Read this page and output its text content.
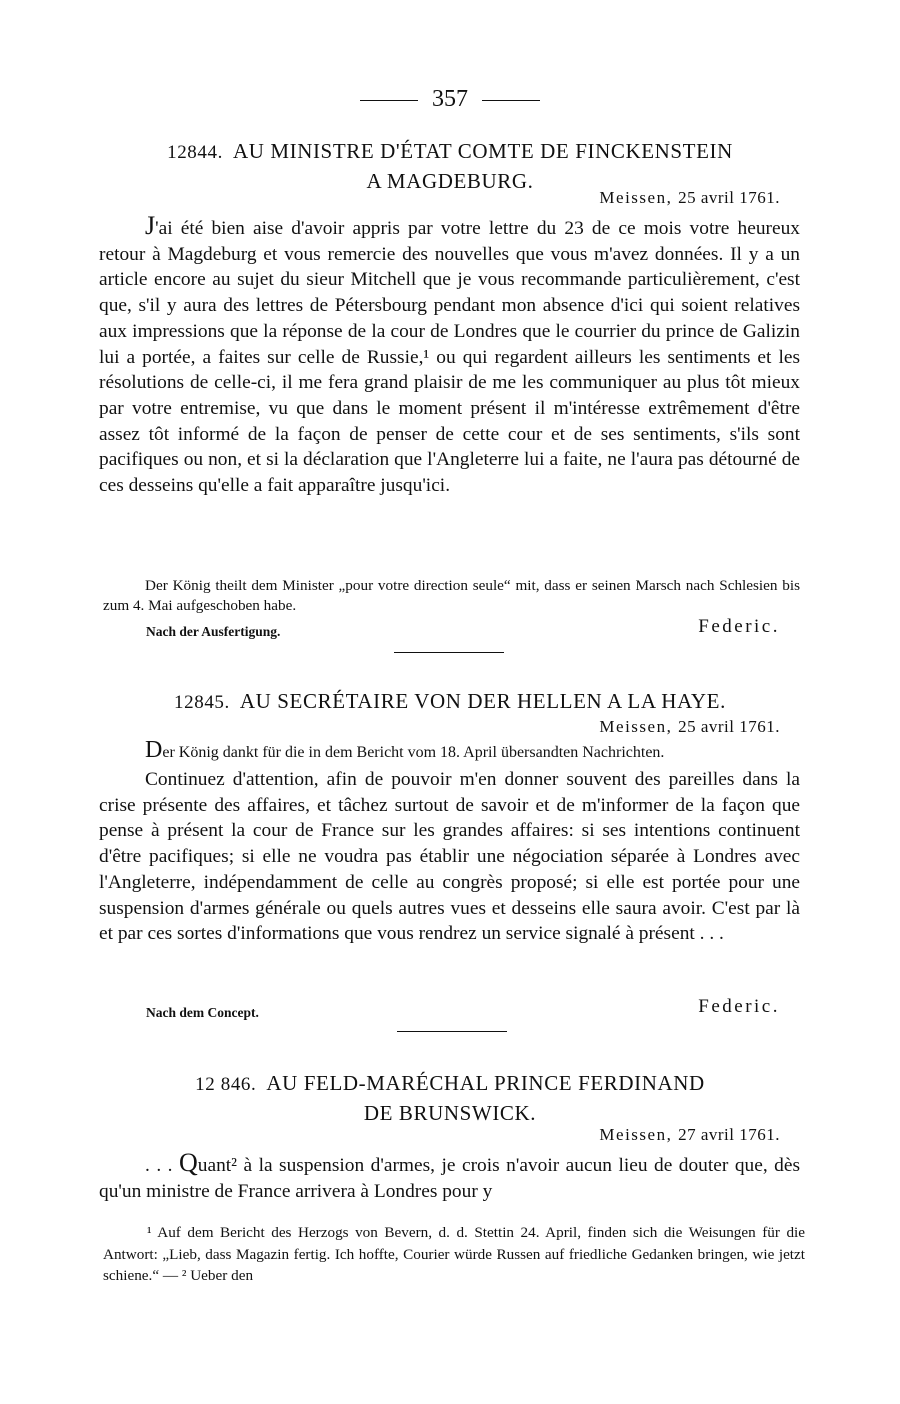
357
12844. AU MINISTRE D'ÉTAT COMTE DE FINCKENSTEIN
A MAGDEBURG.
Meissen, 25 avril 1761.

J'ai été bien aise d'avoir appris par votre lettre du 23 de ce mois votre heureux retour à Magdeburg et vous remercie des nouvelles que vous m'avez données. Il y a un article encore au sujet du sieur Mitchell que je vous recommande particulièrement, c'est que, s'il y aura des lettres de Pétersbourg pendant mon absence d'ici qui soient relatives aux impressions que la réponse de la cour de Londres que le courrier du prince de Galizin lui a portée, a faites sur celle de Russie,¹ ou qui regardent ailleurs les sentiments et les résolutions de celle-ci, il me fera grand plaisir de me les communiquer au plus tôt mieux par votre entremise, vu que dans le moment présent il m'intéresse extrêmement d'être assez tôt informé de la façon de penser de cette cour et de ses sentiments, s'ils sont pacifiques ou non, et si la déclaration que l'Angleterre lui a faite, ne l'aura pas détourné de ces desseins qu'elle a fait apparaître jusqu'ici.

Der König theilt dem Minister „pour votre direction seule“ mit, dass er seinen Marsch nach Schlesien bis zum 4. Mai aufgeschoben habe.
Nach der Ausfertigung.	Federic.
12845. AU SECRÉTAIRE VON DER HELLEN A LA HAYE.
Meissen, 25 avril 1761.
Der König dankt für die in dem Bericht vom 18. April übersandten Nachrichten.

Continuez d'attention, afin de pouvoir m'en donner souvent des pareilles dans la crise présente des affaires, et tâchez surtout de savoir et de m'informer de la façon que pense à présent la cour de France sur les grandes affaires: si ses intentions continuent d'être pacifiques; si elle ne voudra pas établir une négociation séparée à Londres avec l'Angleterre, indépendamment de celle au congrès proposé; si elle est portée pour une suspension d'armes générale ou quels autres vues et desseins elle saura avoir. C'est par là et par ces sortes d'informations que vous rendrez un service signalé à présent . . .

Nach dem Concept.	Federic.
12 846. AU FELD-MARÉCHAL PRINCE FERDINAND
DE BRUNSWICK.
Meissen, 27 avril 1761.

. . . Quant² à la suspension d'armes, je crois n'avoir aucun lieu de douter que, dès qu'un ministre de France arrivera à Londres pour y

¹ Auf dem Bericht des Herzogs von Bevern, d. d. Stettin 24. April, finden sich die Weisungen für die Antwort: „Lieb, dass Magazin fertig. Ich hoffte, Courier würde Russen auf friedliche Gedanken bringen, wie jetzt schiene.“ — ² Ueber den
